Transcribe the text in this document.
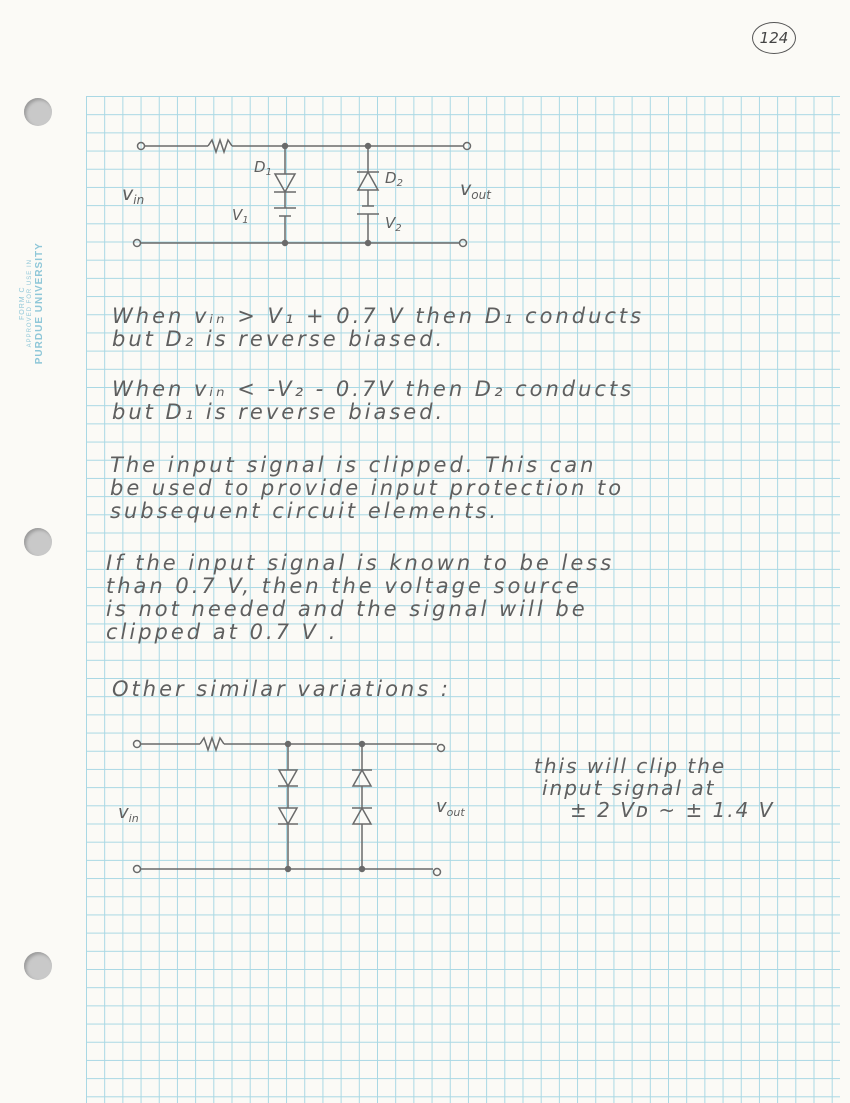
FORM C APPROVED FOR USE IN PURDUE UNIVERSITY
124
$v_{in}$	$v_{out}$
$D_1$	$D_2$
$V_1$	$V_2$
When vᵢₙ > V₁ + 0.7 V then D₁ conducts
but D₂ is reverse biased.
When vᵢₙ < -V₂ - 0.7V then D₂ conducts
but D₁ is reverse biased.
The input signal is clipped. This can
be used to provide input protection to
subsequent circuit elements.
If the input signal is known to be less
than 0.7 V, then the voltage source
is not needed and the signal will be
clipped at 0.7 V .
Other similar variations :
$v_{in}$
$v_{out}$
this will clip the
input signal at
± 2 Vᴅ ~ ± 1.4 V
